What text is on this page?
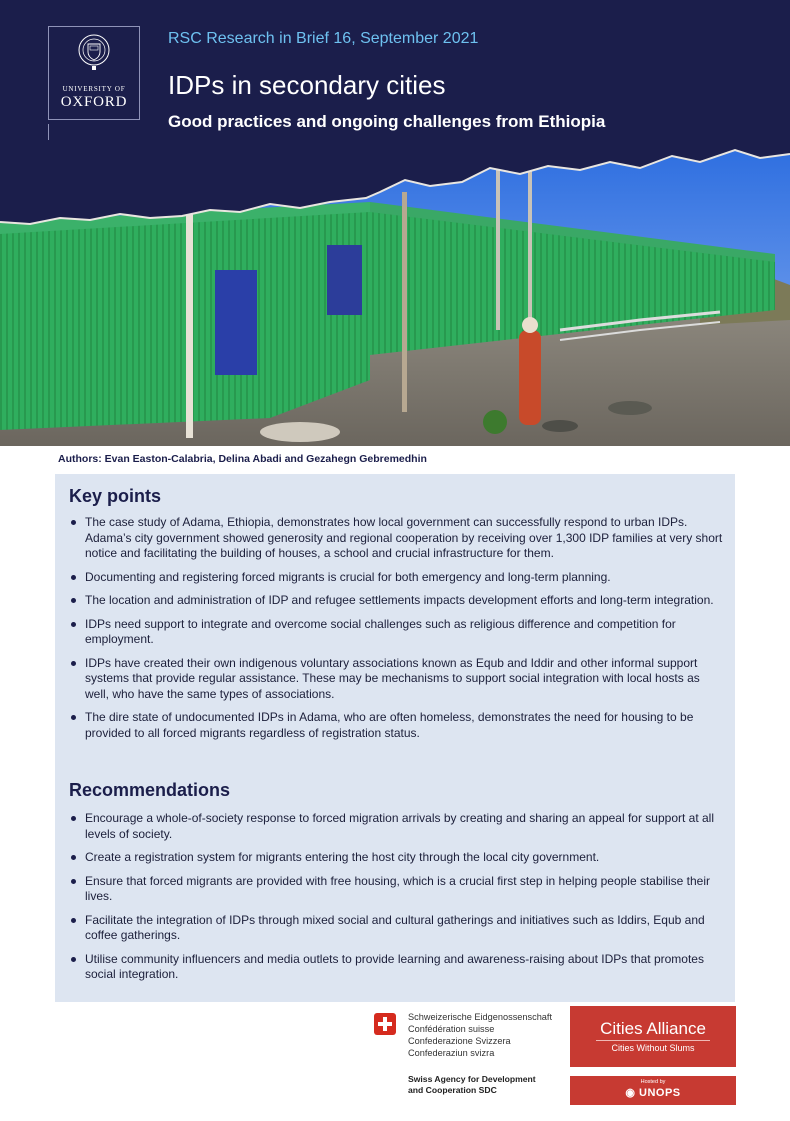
UNIVERSITY OF
OXFORD
RSC Research in Brief 16, September 2021
IDPs in secondary cities
Good practices and ongoing challenges from Ethiopia
Authors: Evan Easton-Calabria, Delina Abadi and Gezahegn Gebremedhin
Key points
The case study of Adama, Ethiopia, demonstrates how local government can successfully respond to urban IDPs. Adama’s city government showed generosity and regional cooperation by receiving over 1,300 IDP families at very short notice and facilitating the building of houses, a school and crucial infrastructure for them.
Documenting and registering forced migrants is crucial for both emergency and long-term planning.
The location and administration of IDP and refugee settlements impacts development efforts and long-term integration.
IDPs need support to integrate and overcome social challenges such as religious difference and competition for employment.
IDPs have created their own indigenous voluntary associations known as Equb and Iddir and other informal support systems that provide regular assistance. These may be mechanisms to support social integration with local hosts as well, who have the same types of associations.
The dire state of undocumented IDPs in Adama, who are often homeless, demonstrates the need for housing to be provided to all forced migrants regardless of registration status.
Recommendations
Encourage a whole-of-society response to forced migration arrivals by creating and sharing an appeal for support at all levels of society.
Create a registration system for migrants entering the host city through the local city government.
Ensure that forced migrants are provided with free housing, which is a crucial first step in helping people stabilise their lives.
Facilitate the integration of IDPs through mixed social and cultural gatherings and initiatives such as Iddirs, Equb and coffee gatherings.
Utilise community influencers and media outlets to provide learning and awareness-raising about IDPs that promotes social integration.
Schweizerische Eidgenossenschaft
Confédération suisse
Confederazione Svizzera
Confederaziun svizra
Swiss Agency for Development
and Cooperation SDC
Cities Alliance
Cities Without Slums
Hosted by
◉ UNOPS
